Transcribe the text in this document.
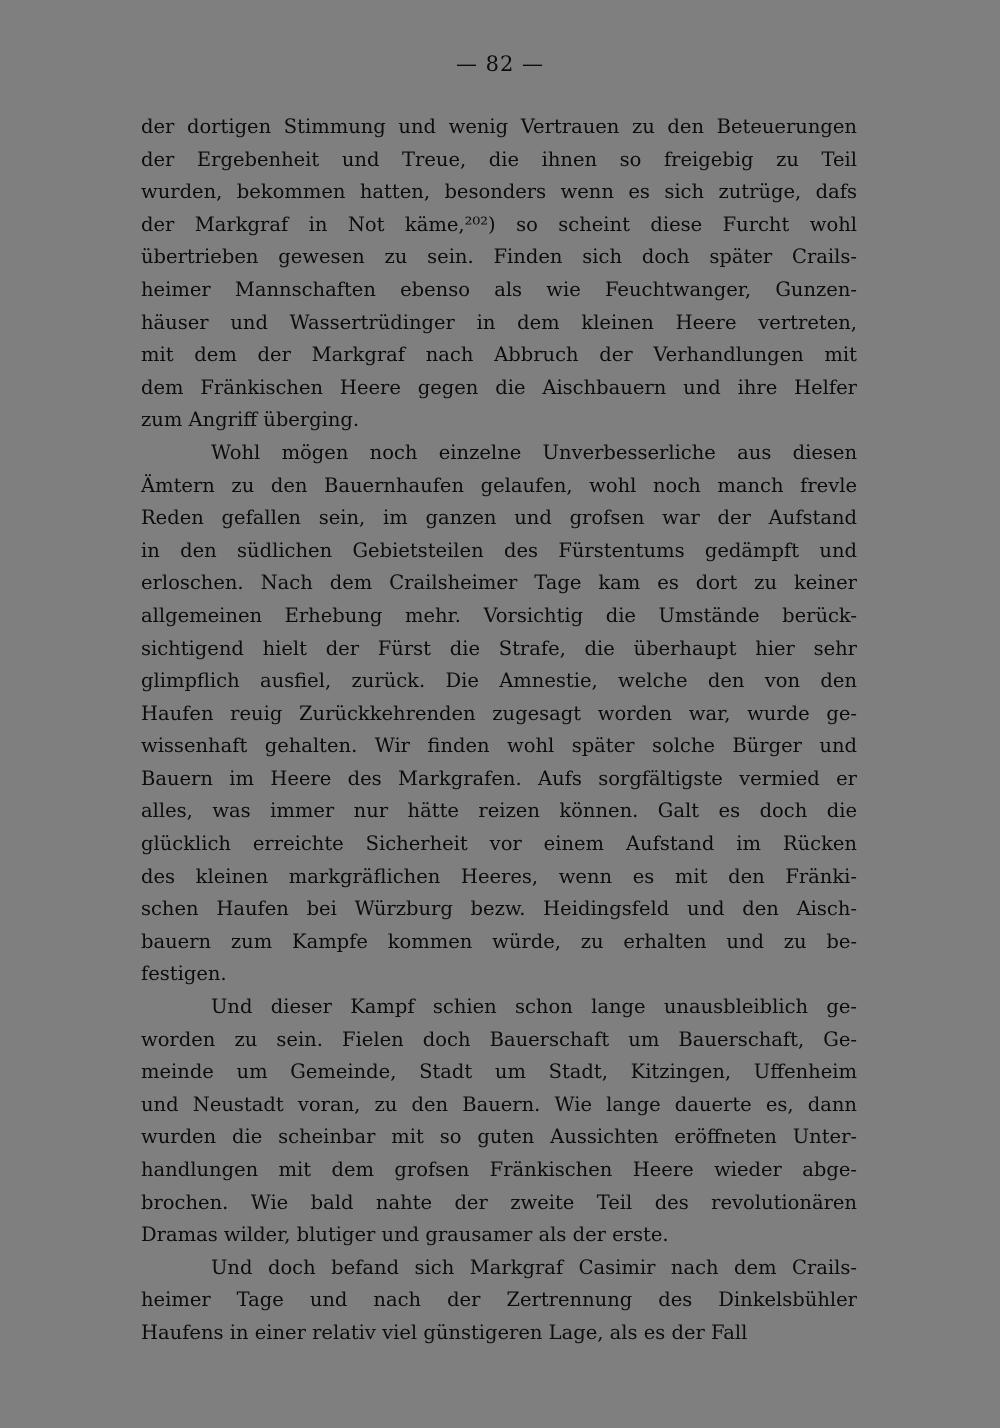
— 82 —
der dortigen Stimmung und wenig Vertrauen zu den Beteuerungen
der Ergebenheit und Treue, die ihnen so freigebig zu Teil
wurden, bekommen hatten, besonders wenn es sich zutrüge, dafs
der Markgraf in Not käme,²⁰²) so scheint diese Furcht wohl
übertrieben gewesen zu sein. Finden sich doch später Crails-
heimer Mannschaften ebenso als wie Feuchtwanger, Gunzen-
häuser und Wassertrüdinger in dem kleinen Heere vertreten,
mit dem der Markgraf nach Abbruch der Verhandlungen mit
dem Fränkischen Heere gegen die Aischbauern und ihre Helfer
zum Angriff überging.
Wohl mögen noch einzelne Unverbesserliche aus diesen
Ämtern zu den Bauernhaufen gelaufen, wohl noch manch frevle
Reden gefallen sein, im ganzen und grofsen war der Aufstand
in den südlichen Gebietsteilen des Fürstentums gedämpft und
erloschen. Nach dem Crailsheimer Tage kam es dort zu keiner
allgemeinen Erhebung mehr. Vorsichtig die Umstände berück-
sichtigend hielt der Fürst die Strafe, die überhaupt hier sehr
glimpflich ausfiel, zurück. Die Amnestie, welche den von den
Haufen reuig Zurückkehrenden zugesagt worden war, wurde ge-
wissenhaft gehalten. Wir finden wohl später solche Bürger und
Bauern im Heere des Markgrafen. Aufs sorgfältigste vermied er
alles, was immer nur hätte reizen können. Galt es doch die
glücklich erreichte Sicherheit vor einem Aufstand im Rücken
des kleinen markgräflichen Heeres, wenn es mit den Fränki-
schen Haufen bei Würzburg bezw. Heidingsfeld und den Aisch-
bauern zum Kampfe kommen würde, zu erhalten und zu be-
festigen.
Und dieser Kampf schien schon lange unausbleiblich ge-
worden zu sein. Fielen doch Bauerschaft um Bauerschaft, Ge-
meinde um Gemeinde, Stadt um Stadt, Kitzingen, Uffenheim
und Neustadt voran, zu den Bauern. Wie lange dauerte es, dann
wurden die scheinbar mit so guten Aussichten eröffneten Unter-
handlungen mit dem grofsen Fränkischen Heere wieder abge-
brochen. Wie bald nahte der zweite Teil des revolutionären
Dramas wilder, blutiger und grausamer als der erste.
Und doch befand sich Markgraf Casimir nach dem Crails-
heimer Tage und nach der Zertrennung des Dinkelsbühler
Haufens in einer relativ viel günstigeren Lage, als es der Fall
